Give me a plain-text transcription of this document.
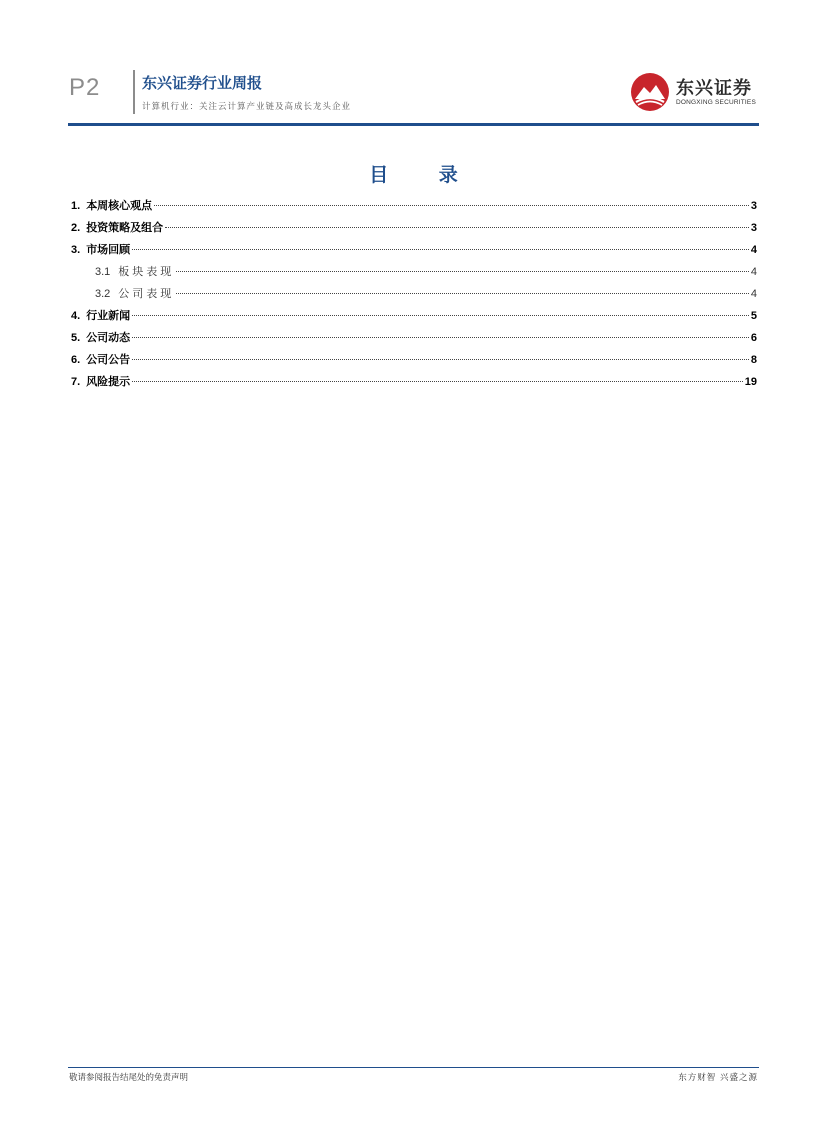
P2	东兴证券行业周报
计算机行业：关注云计算产业链及高成长龙头企业
东兴证券
DONGXING SECURITIES
目 录
1. 本周核心观点	3
2. 投资策略及组合	3
3. 市场回顾	4
3.1 板块表现	4
3.2 公司表现	4
4. 行业新闻	5
5. 公司动态	6
6. 公司公告	8
7. 风险提示	19
敬请参阅报告结尾处的免责声明	东方财智 兴盛之源
